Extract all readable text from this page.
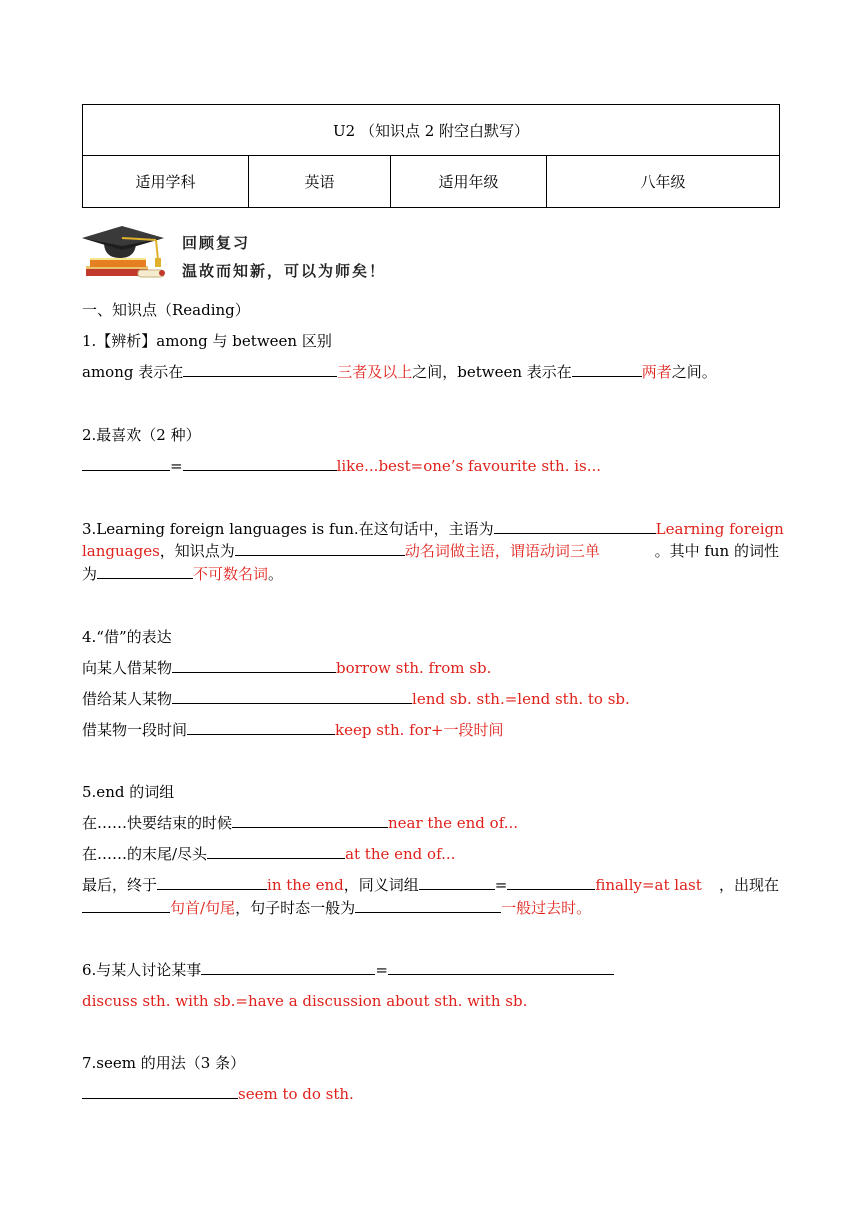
U2 （知识点 2 附空白默写）
适用学科	英语	适用年级	八年级
回顾复习
温故而知新，可以为师矣！
一、知识点（Reading）
1.【辨析】among 与 between 区别
among 表示在	三者及以上之间，between 表示在	两者之间。
2.最喜欢（2 种）
=	like...best=one’s favourite sth. is...
3.Learning foreign languages is fun.在这句话中，主语为	Learning foreign
languages，知识点为	动名词做主语，谓语动词三单	。其中 fun 的词性
为	不可数名词。
4.“借”的表达
向某人借某物	borrow sth. from sb.
借给某人某物	lend sb. sth.=lend sth. to sb.
借某物一段时间	keep sth. for+一段时间
5.end 的词组
在……快要结束的时候	near the end of...
在……的末尾/尽头	at the end of...
最后，终于	in the end，同义词组	=	finally=at last ，出现在
句首/句尾，句子时态一般为	一般过去时。
6.与某人讨论某事	=
discuss sth. with sb.=have a discussion about sth. with sb.
7.seem 的用法（3 条）
seem to do sth.
